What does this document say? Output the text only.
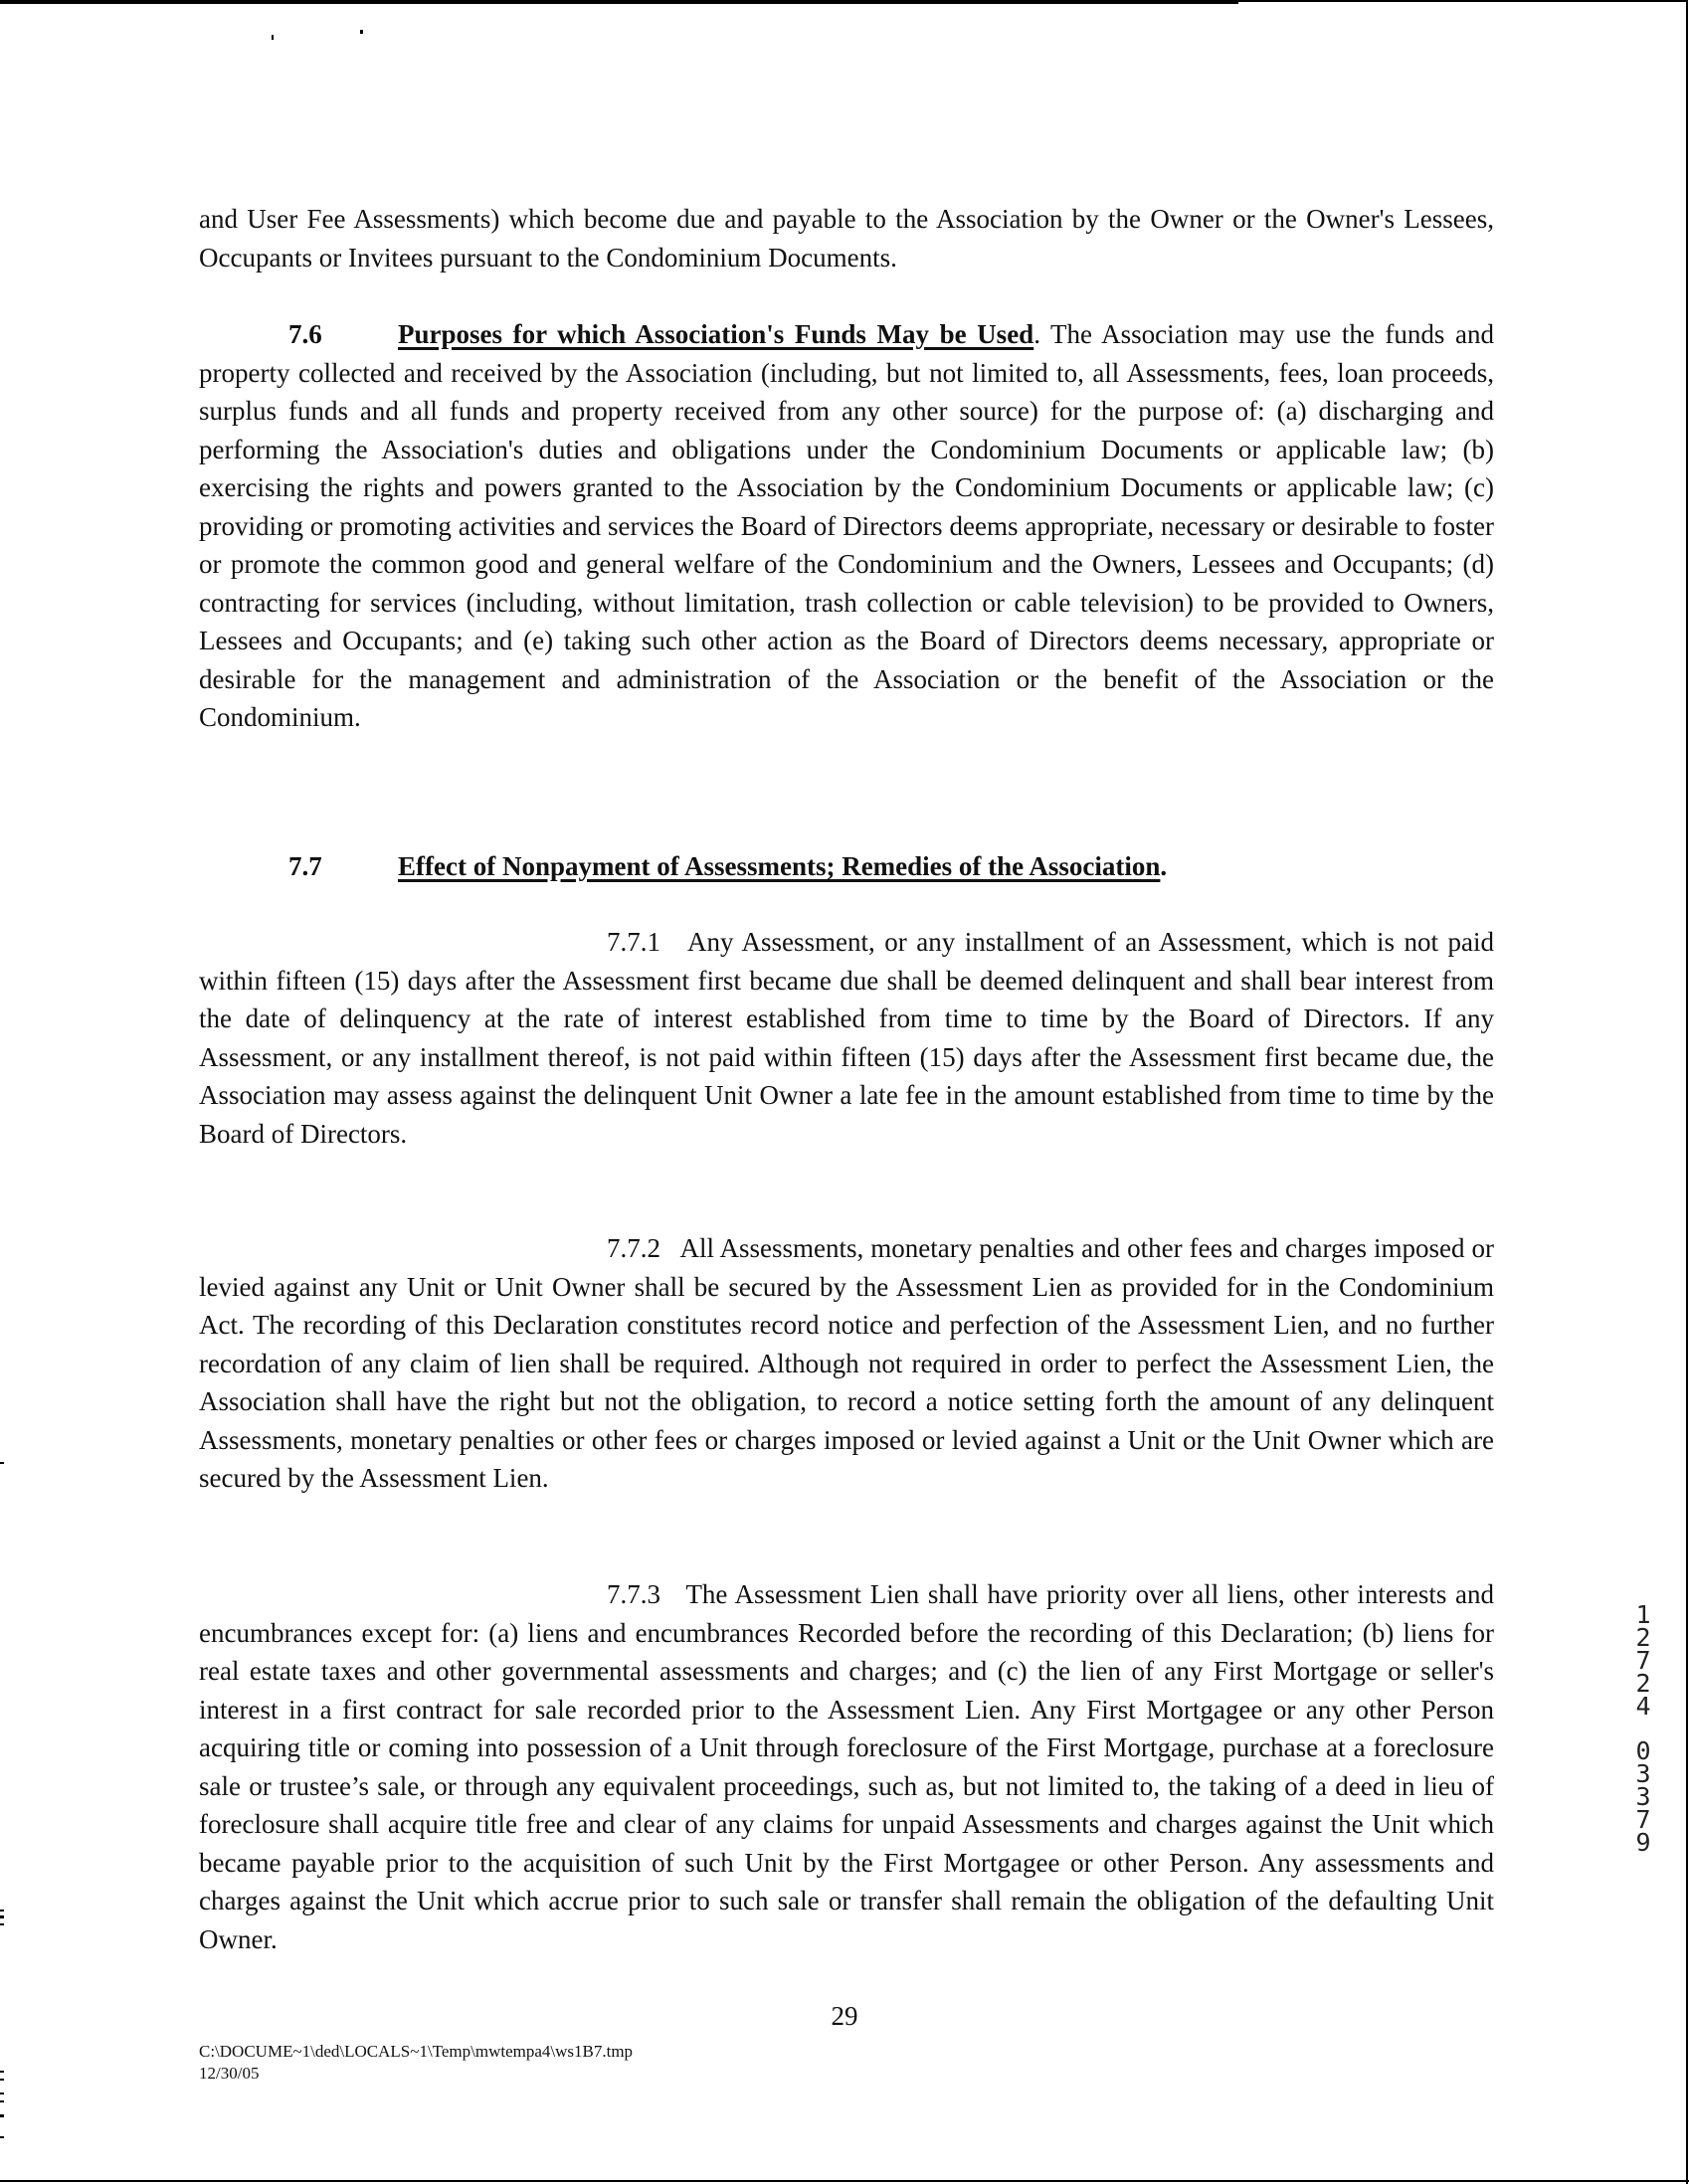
and User Fee Assessments) which become due and payable to the Association by the Owner or the Owner's Lessees, Occupants or Invitees pursuant to the Condominium Documents.

7.6	Purposes for which Association's Funds May be Used. The Association may use the funds and property collected and received by the Association (including, but not limited to, all Assessments, fees, loan proceeds, surplus funds and all funds and property received from any other source) for the purpose of: (a) discharging and performing the Association's duties and obligations under the Condominium Documents or applicable law; (b) exercising the rights and powers granted to the Association by the Condominium Documents or applicable law; (c) providing or promoting activities and services the Board of Directors deems appropriate, necessary or desirable to foster or promote the common good and general welfare of the Condominium and the Owners, Lessees and Occupants; (d) contracting for services (including, without limitation, trash collection or cable television) to be provided to Owners, Lessees and Occupants; and (e) taking such other action as the Board of Directors deems necessary, appropriate or desirable for the management and administration of the Association or the benefit of the Association or the Condominium.

7.7	Effect of Nonpayment of Assessments; Remedies of the Association.

7.7.1 Any Assessment, or any installment of an Assessment, which is not paid within fifteen (15) days after the Assessment first became due shall be deemed delinquent and shall bear interest from the date of delinquency at the rate of interest established from time to time by the Board of Directors. If any Assessment, or any installment thereof, is not paid within fifteen (15) days after the Assessment first became due, the Association may assess against the delinquent Unit Owner a late fee in the amount established from time to time by the Board of Directors.

7.7.2 All Assessments, monetary penalties and other fees and charges imposed or levied against any Unit or Unit Owner shall be secured by the Assessment Lien as provided for in the Condominium Act. The recording of this Declaration constitutes record notice and perfection of the Assessment Lien, and no further recordation of any claim of lien shall be required. Although not required in order to perfect the Assessment Lien, the Association shall have the right but not the obligation, to record a notice setting forth the amount of any delinquent Assessments, monetary penalties or other fees or charges imposed or levied against a Unit or the Unit Owner which are secured by the Assessment Lien.

7.7.3 The Assessment Lien shall have priority over all liens, other interests and encumbrances except for: (a) liens and encumbrances Recorded before the recording of this Declaration; (b) liens for real estate taxes and other governmental assessments and charges; and (c) the lien of any First Mortgage or seller's interest in a first contract for sale recorded prior to the Assessment Lien. Any First Mortgagee or any other Person acquiring title or coming into possession of a Unit through foreclosure of the First Mortgage, purchase at a foreclosure sale or trustee’s sale, or through any equivalent proceedings, such as, but not limited to, the taking of a deed in lieu of foreclosure shall acquire title free and clear of any claims for unpaid Assessments and charges against the Unit which became payable prior to the acquisition of such Unit by the First Mortgagee or other Person. Any assessments and charges against the Unit which accrue prior to such sale or transfer shall remain the obligation of the defaulting Unit Owner.

29
C:\DOCUME~1\ded\LOCALS~1\Temp\mwtempa4\ws1B7.tmp
12/30/05
1
2
7
2
4
0
3
3
7
9
